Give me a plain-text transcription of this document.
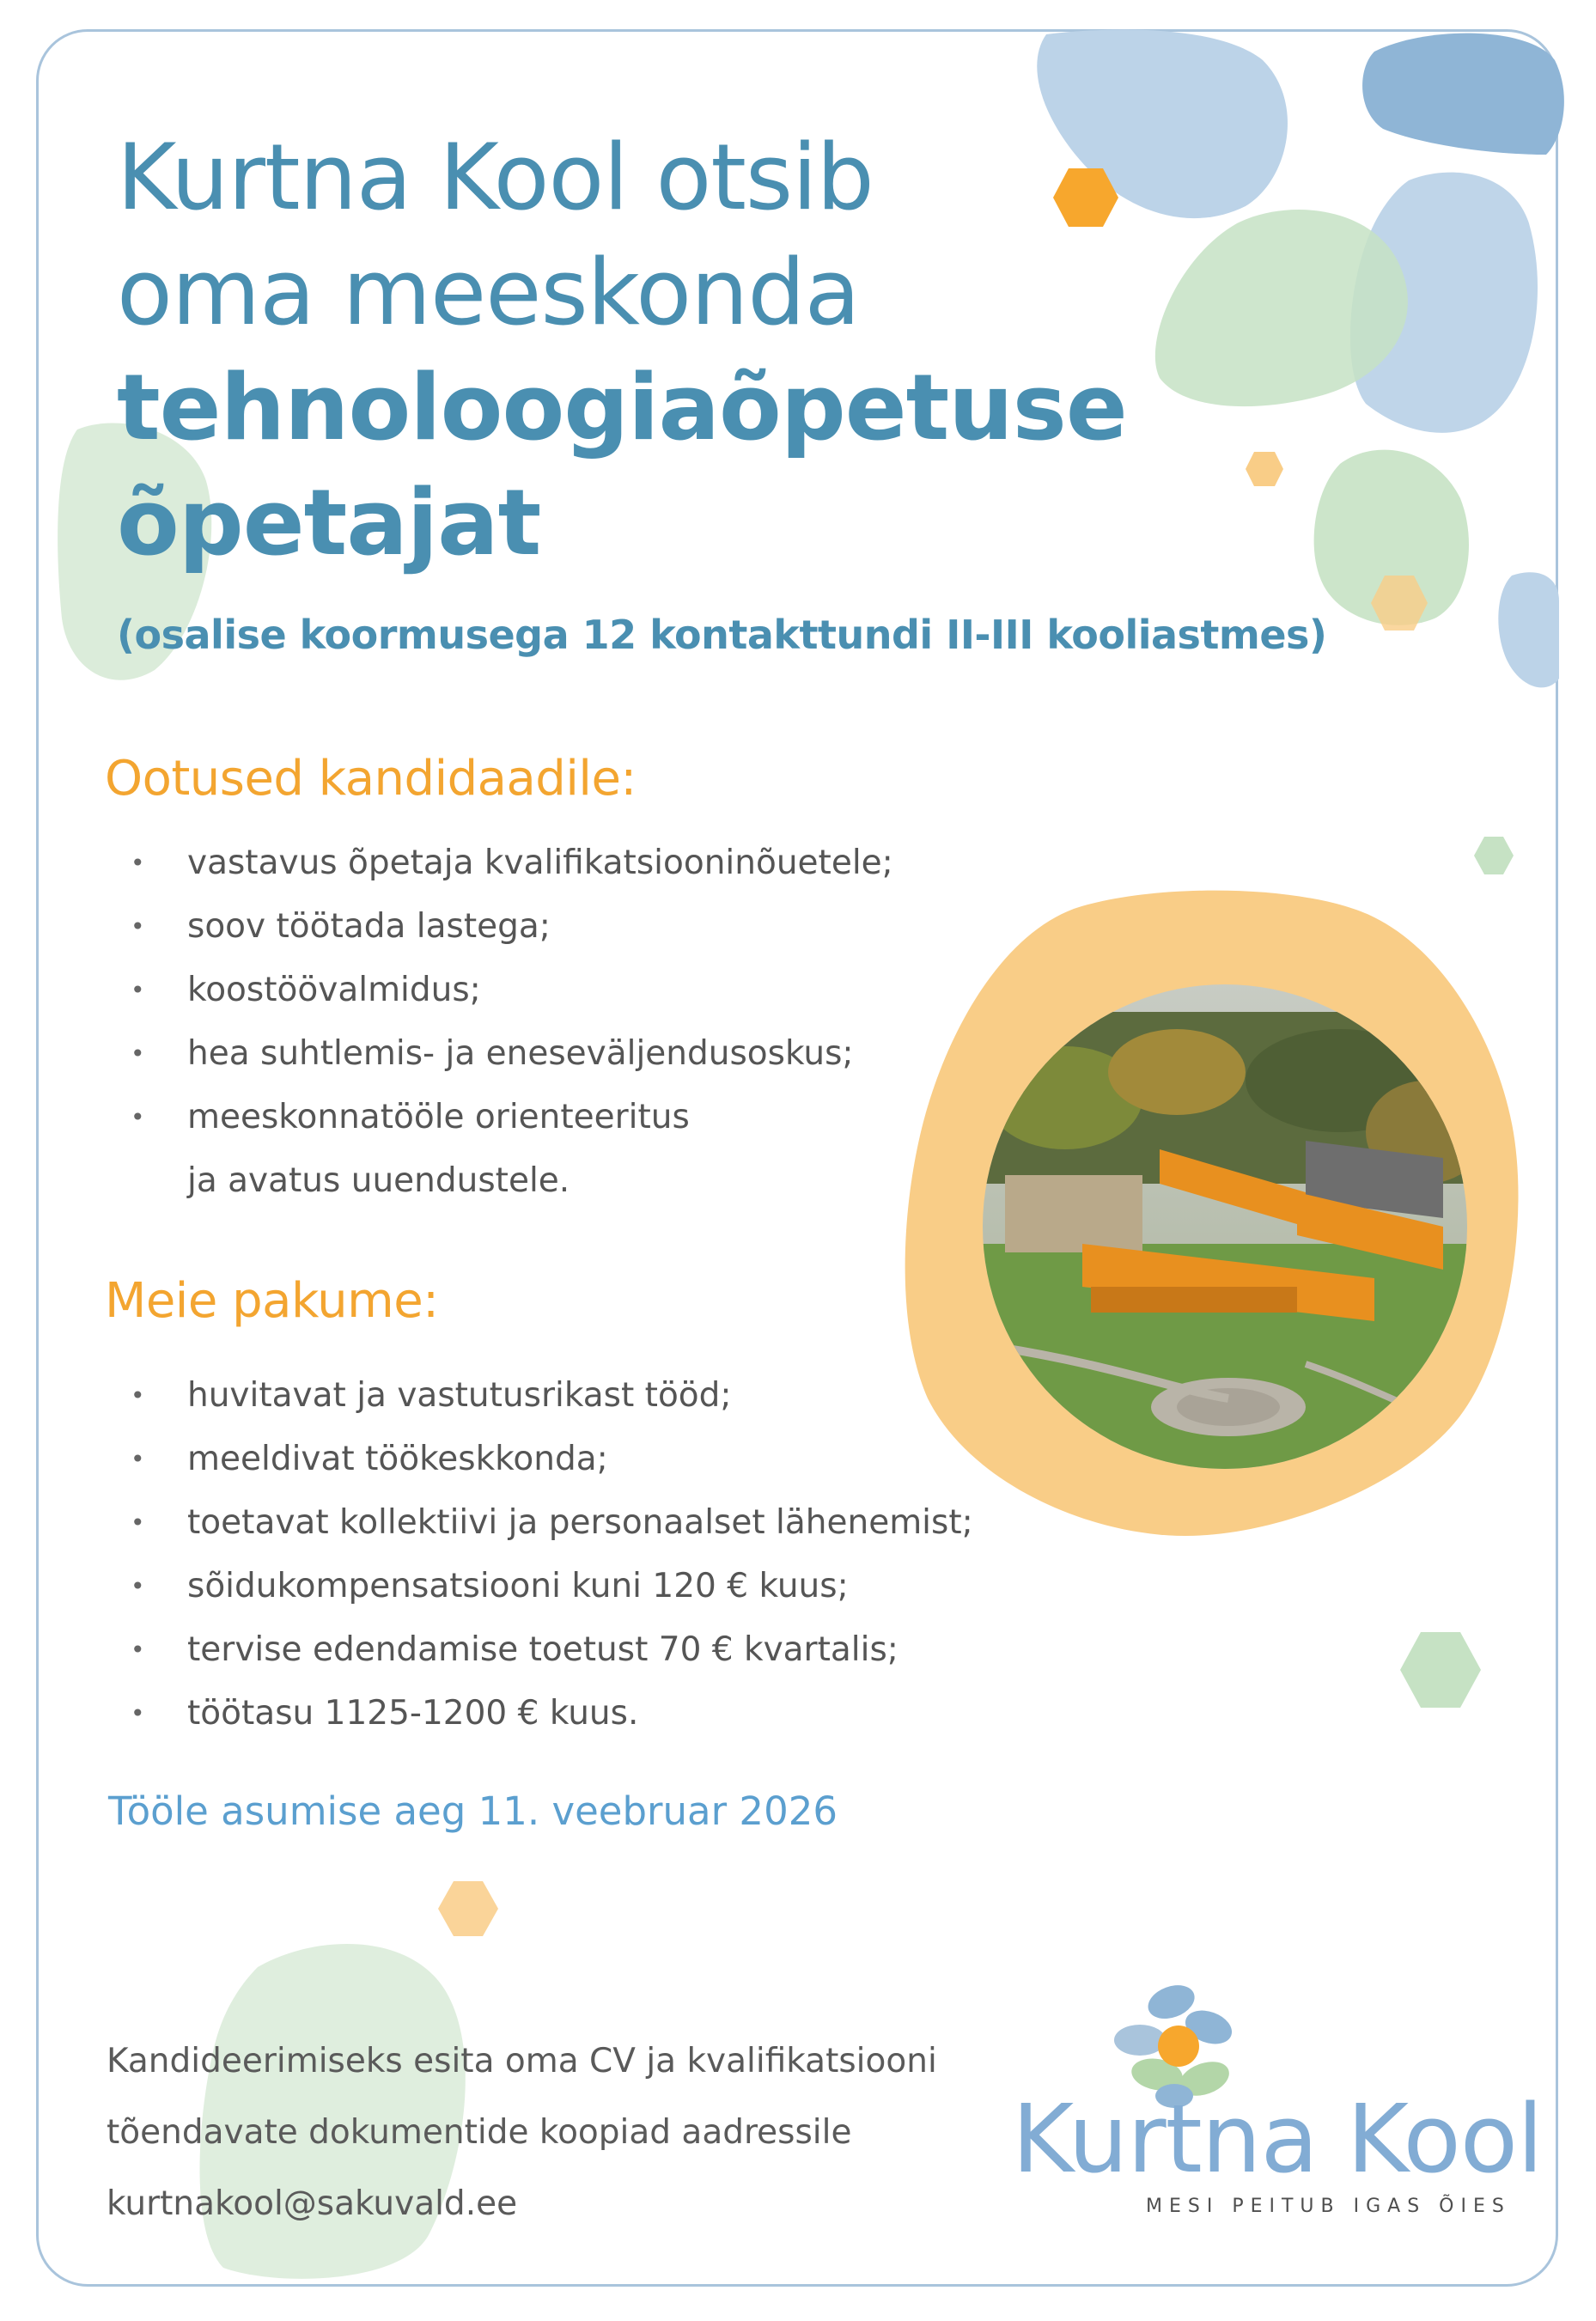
Kurtna Kool otsib
oma meeskonda
tehnoloogiaõpetuse
õpetajat

(osalise koormusega 12 kontakttundi II-III kooliastmes)

Ootused kandidaadile:
• vastavus õpetaja kvalifikatsiooninõuetele;
• soov töötada lastega;
• koostöövalmidus;
• hea suhtlemis- ja eneseväljendusoskus;
• meeskonnatööle orienteeritus
ja avatus uuendustele.
Meie pakume:
• huvitavat ja vastutusrikast tööd;
• meeldivat töökeskkonda;
• toetavat kollektiivi ja personaalset lähenemist;
• sõidukompensatsiooni kuni 120 € kuus;
• tervise edendamise toetust 70 € kvartalis;
• töötasu 1125-1200 € kuus.

Tööle asumise aeg 11. veebruar 2026

Kandideerimiseks esita oma CV ja kvalifikatsiooni
tõendavate dokumentide koopiad aadressile
kurtnakool@sakuvald.ee

Kurtna Kool

MESI PEITUB IGAS ÕIES
